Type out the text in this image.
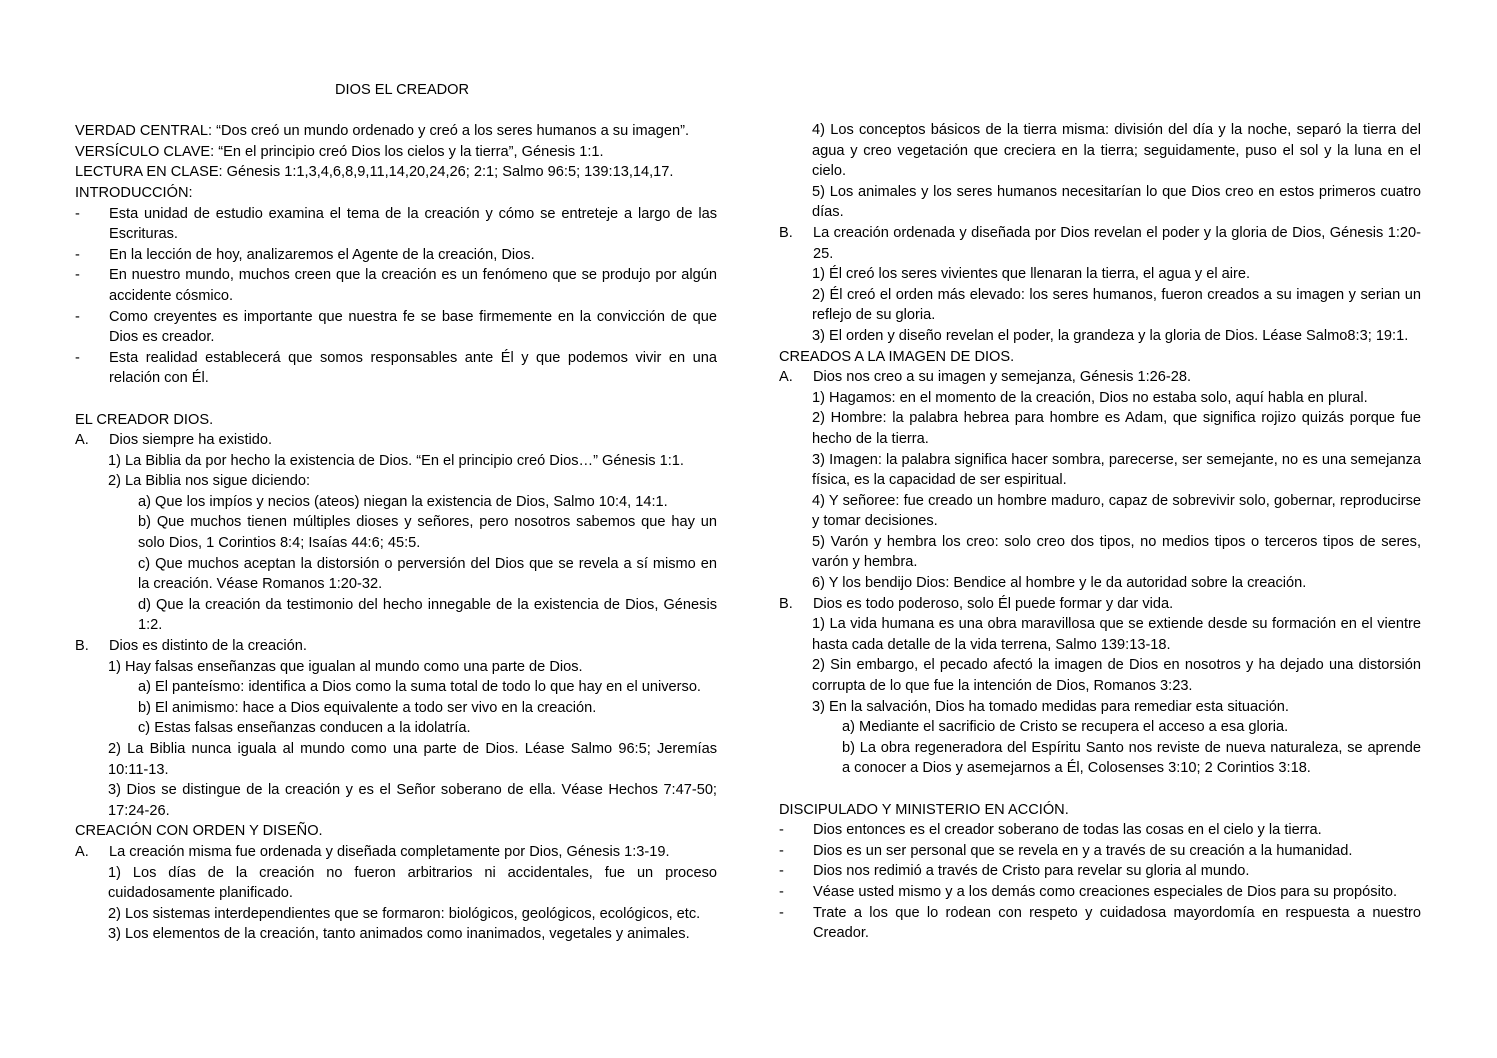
DIOS EL CREADOR
VERDAD CENTRAL: “Dos creó un mundo ordenado y creó a los seres humanos a su imagen”.
VERSÍCULO CLAVE: “En el principio creó Dios los cielos y la tierra”, Génesis 1:1.
LECTURA EN CLASE: Génesis 1:1,3,4,6,8,9,11,14,20,24,26; 2:1; Salmo 96:5; 139:13,14,17.
INTRODUCCIÓN:
- Esta unidad de estudio examina el tema de la creación y cómo se entreteje a largo de las Escrituras.
- En la lección de hoy, analizaremos el Agente de la creación, Dios.
- En nuestro mundo, muchos creen que la creación es un fenómeno que se produjo por algún accidente cósmico.
- Como creyentes es importante que nuestra fe se base firmemente en la convicción de que Dios es creador.
- Esta realidad establecerá que somos responsables ante Él y que podemos vivir en una relación con Él.
EL CREADOR DIOS.
A. Dios siempre ha existido.
1) La Biblia da por hecho la existencia de Dios. “En el principio creó Dios…” Génesis 1:1.
2) La Biblia nos sigue diciendo:
a) Que los impíos y necios (ateos) niegan la existencia de Dios, Salmo 10:4, 14:1.
b) Que muchos tienen múltiples dioses y señores, pero nosotros sabemos que hay un solo Dios, 1 Corintios 8:4; Isaías 44:6; 45:5.
c) Que muchos aceptan la distorsión o perversión del Dios que se revela a sí mismo en la creación. Véase Romanos 1:20-32.
d) Que la creación da testimonio del hecho innegable de la existencia de Dios, Génesis 1:2.
B. Dios es distinto de la creación.
1) Hay falsas enseñanzas que igualan al mundo como una parte de Dios.
a) El panteísmo: identifica a Dios como la suma total de todo lo que hay en el universo.
b) El animismo: hace a Dios equivalente a todo ser vivo en la creación.
c) Estas falsas enseñanzas conducen a la idolatría.
2) La Biblia nunca iguala al mundo como una parte de Dios. Léase Salmo 96:5; Jeremías 10:11-13.
3) Dios se distingue de la creación y es el Señor soberano de ella. Véase Hechos 7:47-50; 17:24-26.
CREACIÓN CON ORDEN Y DISEÑO.
A. La creación misma fue ordenada y diseñada completamente por Dios, Génesis 1:3-19.
1) Los días de la creación no fueron arbitrarios ni accidentales, fue un proceso cuidadosamente planificado.
2) Los sistemas interdependientes que se formaron: biológicos, geológicos, ecológicos, etc.
3) Los elementos de la creación, tanto animados como inanimados, vegetales y animales.
4) Los conceptos básicos de la tierra misma: división del día y la noche, separó la tierra del agua y creo vegetación que creciera en la tierra; seguidamente, puso el sol y la luna en el cielo.
5) Los animales y los seres humanos necesitarían lo que Dios creo en estos primeros cuatro días.
B. La creación ordenada y diseñada por Dios revelan el poder y la gloria de Dios, Génesis 1:20-25.
1) Él creó los seres vivientes que llenaran la tierra, el agua y el aire.
2) Él creó el orden más elevado: los seres humanos, fueron creados a su imagen y serian un reflejo de su gloria.
3) El orden y diseño revelan el poder, la grandeza y la gloria de Dios. Léase Salmo8:3; 19:1.
CREADOS A LA IMAGEN DE DIOS.
A. Dios nos creo a su imagen y semejanza, Génesis 1:26-28.
1) Hagamos: en el momento de la creación, Dios no estaba solo, aquí habla en plural.
2) Hombre: la palabra hebrea para hombre es Adam, que significa rojizo quizás porque fue hecho de la tierra.
3) Imagen: la palabra significa hacer sombra, parecerse, ser semejante, no es una semejanza física, es la capacidad de ser espiritual.
4) Y señoree: fue creado un hombre maduro, capaz de sobrevivir solo, gobernar, reproducirse y tomar decisiones.
5) Varón y hembra los creo: solo creo dos tipos, no medios tipos o terceros tipos de seres, varón y hembra.
6) Y los bendijo Dios: Bendice al hombre y le da autoridad sobre la creación.
B. Dios es todo poderoso, solo Él puede formar y dar vida.
1) La vida humana es una obra maravillosa que se extiende desde su formación en el vientre hasta cada detalle de la vida terrena, Salmo 139:13-18.
2) Sin embargo, el pecado afectó la imagen de Dios en nosotros y ha dejado una distorsión corrupta de lo que fue la intención de Dios, Romanos 3:23.
3) En la salvación, Dios ha tomado medidas para remediar esta situación.
a) Mediante el sacrificio de Cristo se recupera el acceso a esa gloria.
b) La obra regeneradora del Espíritu Santo nos reviste de nueva naturaleza, se aprende a conocer a Dios y asemejarnos a Él, Colosenses 3:10; 2 Corintios 3:18.
DISCIPULADO Y MINISTERIO EN ACCIÓN.
- Dios entonces es el creador soberano de todas las cosas en el cielo y la tierra.
- Dios es un ser personal que se revela en y a través de su creación a la humanidad.
- Dios nos redimió a través de Cristo para revelar su gloria al mundo.
- Véase usted mismo y a los demás como creaciones especiales de Dios para su propósito.
- Trate a los que lo rodean con respeto y cuidadosa mayordomía en respuesta a nuestro Creador.
